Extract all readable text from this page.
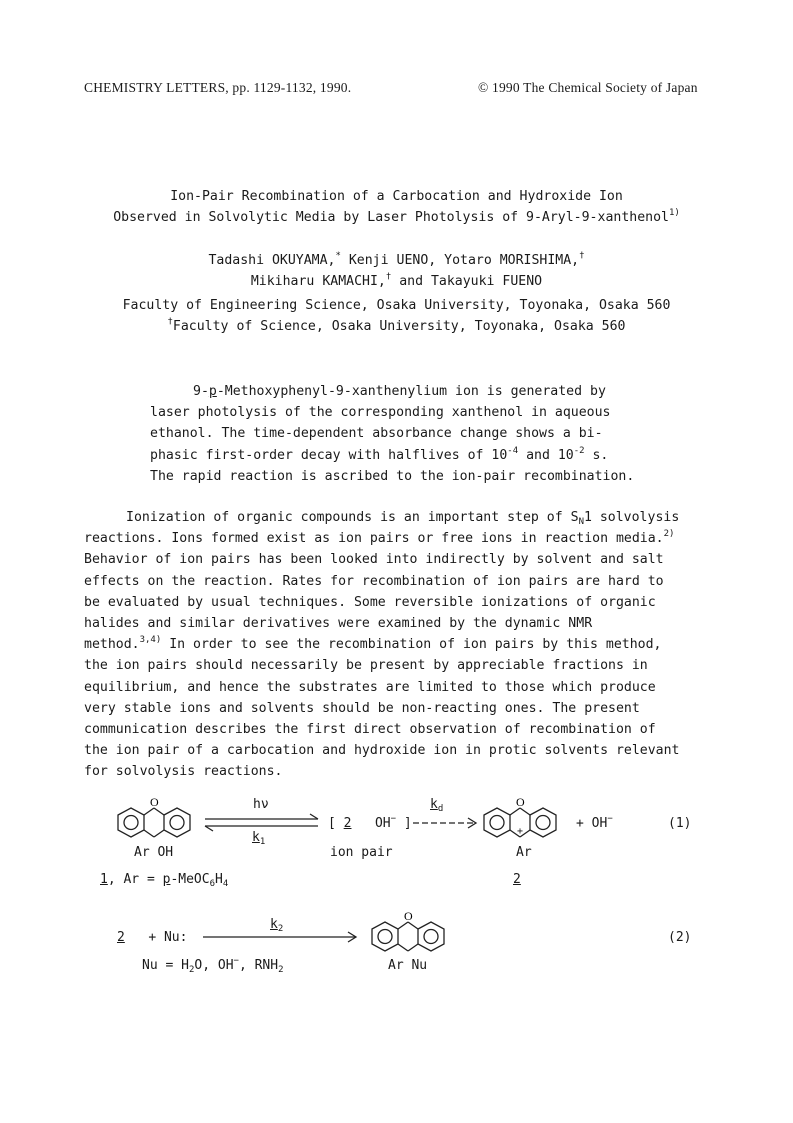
CHEMISTRY LETTERS, pp. 1129-1132, 1990.	© 1990 The Chemical Society of Japan
Ion-Pair Recombination of a Carbocation and Hydroxide Ion
Observed in Solvolytic Media by Laser Photolysis of 9-Aryl-9-xanthenol$^{1)}$
Tadashi OKUYAMA,* Kenji UENO, Yotaro MORISHIMA,†
Mikiharu KAMACHI,† and Takayuki FUENO
Faculty of Engineering Science, Osaka University, Toyonaka, Osaka 560
†Faculty of Science, Osaka University, Toyonaka, Osaka 560
9-p-Methoxyphenyl-9-xanthenylium ion is generated by
laser photolysis of the corresponding xanthenol in aqueous
ethanol. The time-dependent absorbance change shows a bi-
phasic first-order decay with halflives of $10^{-4}$ and $10^{-2}$ s.
The rapid reaction is ascribed to the ion-pair recombination.
Ionization of organic compounds is an important step of $S_N1$ solvolysis
reactions. Ions formed exist as ion pairs or free ions in reaction media.$^{2)}$
Behavior of ion pairs has been looked into indirectly by solvent and salt
effects on the reaction. Rates for recombination of ion pairs are hard to
be evaluated by usual techniques. Some reversible ionizations of organic
halides and similar derivatives were examined by the dynamic NMR
method.$^{3,4)}$ In order to see the recombination of ion pairs by this method,
the ion pairs should necessarily be present by appreciable fractions in
equilibrium, and hence the substrates are limited to those which produce
very stable ions and solvents should be non-reacting ones. The present
communication describes the first direct observation of recombination of
the ion pair of a carbocation and hydroxide ion in protic solvents relevant
for solvolysis reactions.
O	O
hν
$k_1$
[ 2 OH− ]
$k_d$
ion pair
+ OH−	(1)
Ar OH	Ar
+
1, $Ar = p-MeOC_6H_4$	2
O
2 + Nu:
$k_2$
$Nu = H_2O$, OH−, $RNH_2$	Ar Nu
(2)
